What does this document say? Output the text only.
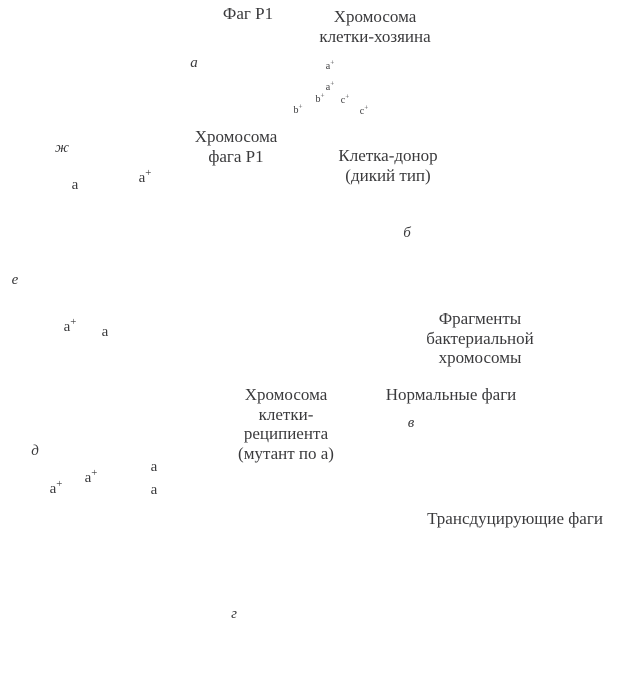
Фаг P1	Хромосома
клетки-хозяина
Хромосома
фага P1	Клетка-донор
(дикий тип)
Фрагменты
бактериальной
хромосомы
Нормальные фаги
Хромосома
клетки-
реципиента
(мутант по a)
Трансдуцирующие фаги
а
б
в
г
д
е
ж
a+
a+
b+ c+
b+	c+
a+
a
a+
a
a+
a+
a
a
